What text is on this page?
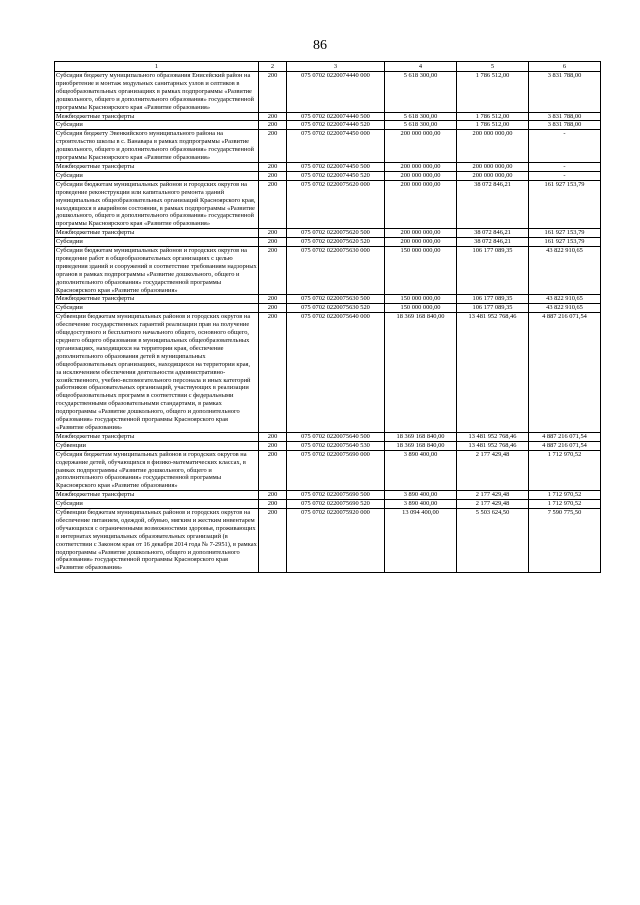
86
1	2	3	4	5	6
Субсидия бюджету муниципального образования Енисейский район на приобретение и монтаж модульных санитарных узлов и септиков в общеобразовательных организациях в рамках подпрограммы «Развитие дошкольного, общего и дополнительного образования» государственной программы Красноярского края «Развитие образования»	200	075 0702 0220074440 000	5 618 300,00	1 786 512,00	3 831 788,00
Межбюджетные трансферты	200	075 0702 0220074440 500	5 618 300,00	1 786 512,00	3 831 788,00
Субсидии	200	075 0702 0220074440 520	5 618 300,00	1 786 512,00	3 831 788,00
Субсидия бюджету Эвенкийского муниципального района на строительство школы в с. Ванавара в рамках подпрограммы «Развитие дошкольного, общего и дополнительного образования» государственной программы Красноярского края «Развитие образования»	200	075 0702 0220074450 000	200 000 000,00	200 000 000,00	-
Межбюджетные трансферты	200	075 0702 0220074450 500	200 000 000,00	200 000 000,00	-
Субсидии	200	075 0702 0220074450 520	200 000 000,00	200 000 000,00	-
Субсидии бюджетам муниципальных районов и городских округов на проведение реконструкции или капитального ремонта зданий муниципальных общеобразовательных организаций Красноярского края, находящихся в аварийном состоянии, в рамках подпрограммы «Развитие дошкольного, общего и дополнительного образования» государственной программы Красноярского края «Развитие образования»	200	075 0702 0220075620 000	200 000 000,00	38 072 846,21	161 927 153,79
Межбюджетные трансферты	200	075 0702 0220075620 500	200 000 000,00	38 072 846,21	161 927 153,79
Субсидии	200	075 0702 0220075620 520	200 000 000,00	38 072 846,21	161 927 153,79
Субсидии бюджетам муниципальных районов и городских округов на проведение работ в общеобразовательных организациях с целью приведения зданий и сооружений в соответствие требованиям надзорных органов в рамках подпрограммы «Развитие дошкольного, общего и дополнительного образования» государственной программы Красноярского края «Развитие образования»	200	075 0702 0220075630 000	150 000 000,00	106 177 089,35	43 822 910,65
Межбюджетные трансферты	200	075 0702 0220075630 500	150 000 000,00	106 177 089,35	43 822 910,65
Субсидии	200	075 0702 0220075630 520	150 000 000,00	106 177 089,35	43 822 910,65
Субвенции бюджетам муниципальных районов и городских округов на обеспечение государственных гарантий реализации прав на получение общедоступного и бесплатного начального общего, основного общего, среднего общего образования в муниципальных общеобразовательных организациях, находящихся на территории края, обеспечение дополнительного образования детей в муниципальных общеобразовательных организациях, находящихся на территории края, за исключением обеспечения деятельности административно-хозяйственного, учебно-вспомогательного персонала и иных категорий работников образовательных организаций, участвующих в реализации общеобразовательных программ в соответствии с федеральными государственными образовательными стандартами, в рамках подпрограммы «Развитие дошкольного, общего и дополнительного образования» государственной программы Красноярского края «Развитие образования»	200	075 0702 0220075640 000	18 369 168 840,00	13 481 952 768,46	4 887 216 071,54
Межбюджетные трансферты	200	075 0702 0220075640 500	18 369 168 840,00	13 481 952 768,46	4 887 216 071,54
Субвенции	200	075 0702 0220075640 530	18 369 168 840,00	13 481 952 768,46	4 887 216 071,54
Субсидия бюджетам муниципальных районов и городских округов на содержание детей, обучающихся в физико-математических классах, в рамках подпрограммы «Развитие дошкольного, общего и дополнительного образования» государственной программы Красноярского края «Развитие образования»	200	075 0702 0220075690 000	3 890 400,00	2 177 429,48	1 712 970,52
Межбюджетные трансферты	200	075 0702 0220075690 500	3 890 400,00	2 177 429,48	1 712 970,52
Субсидии	200	075 0702 0220075690 520	3 890 400,00	2 177 429,48	1 712 970,52
Субвенции бюджетам муниципальных районов и городских округов на обеспечение питанием, одеждой, обувью, мягким и жестким инвентарем обучающихся с ограниченными возможностями здоровья, проживающих в интернатах муниципальных образовательных организаций (в соответствии с Законом края от 16 декабря 2014 года № 7-2951), в рамках подпрограммы «Развитие дошкольного, общего и дополнительного образования» государственной программы Красноярского края «Развитие образования»	200	075 0702 0220075920 000	13 094 400,00	5 503 624,50	7 590 775,50
